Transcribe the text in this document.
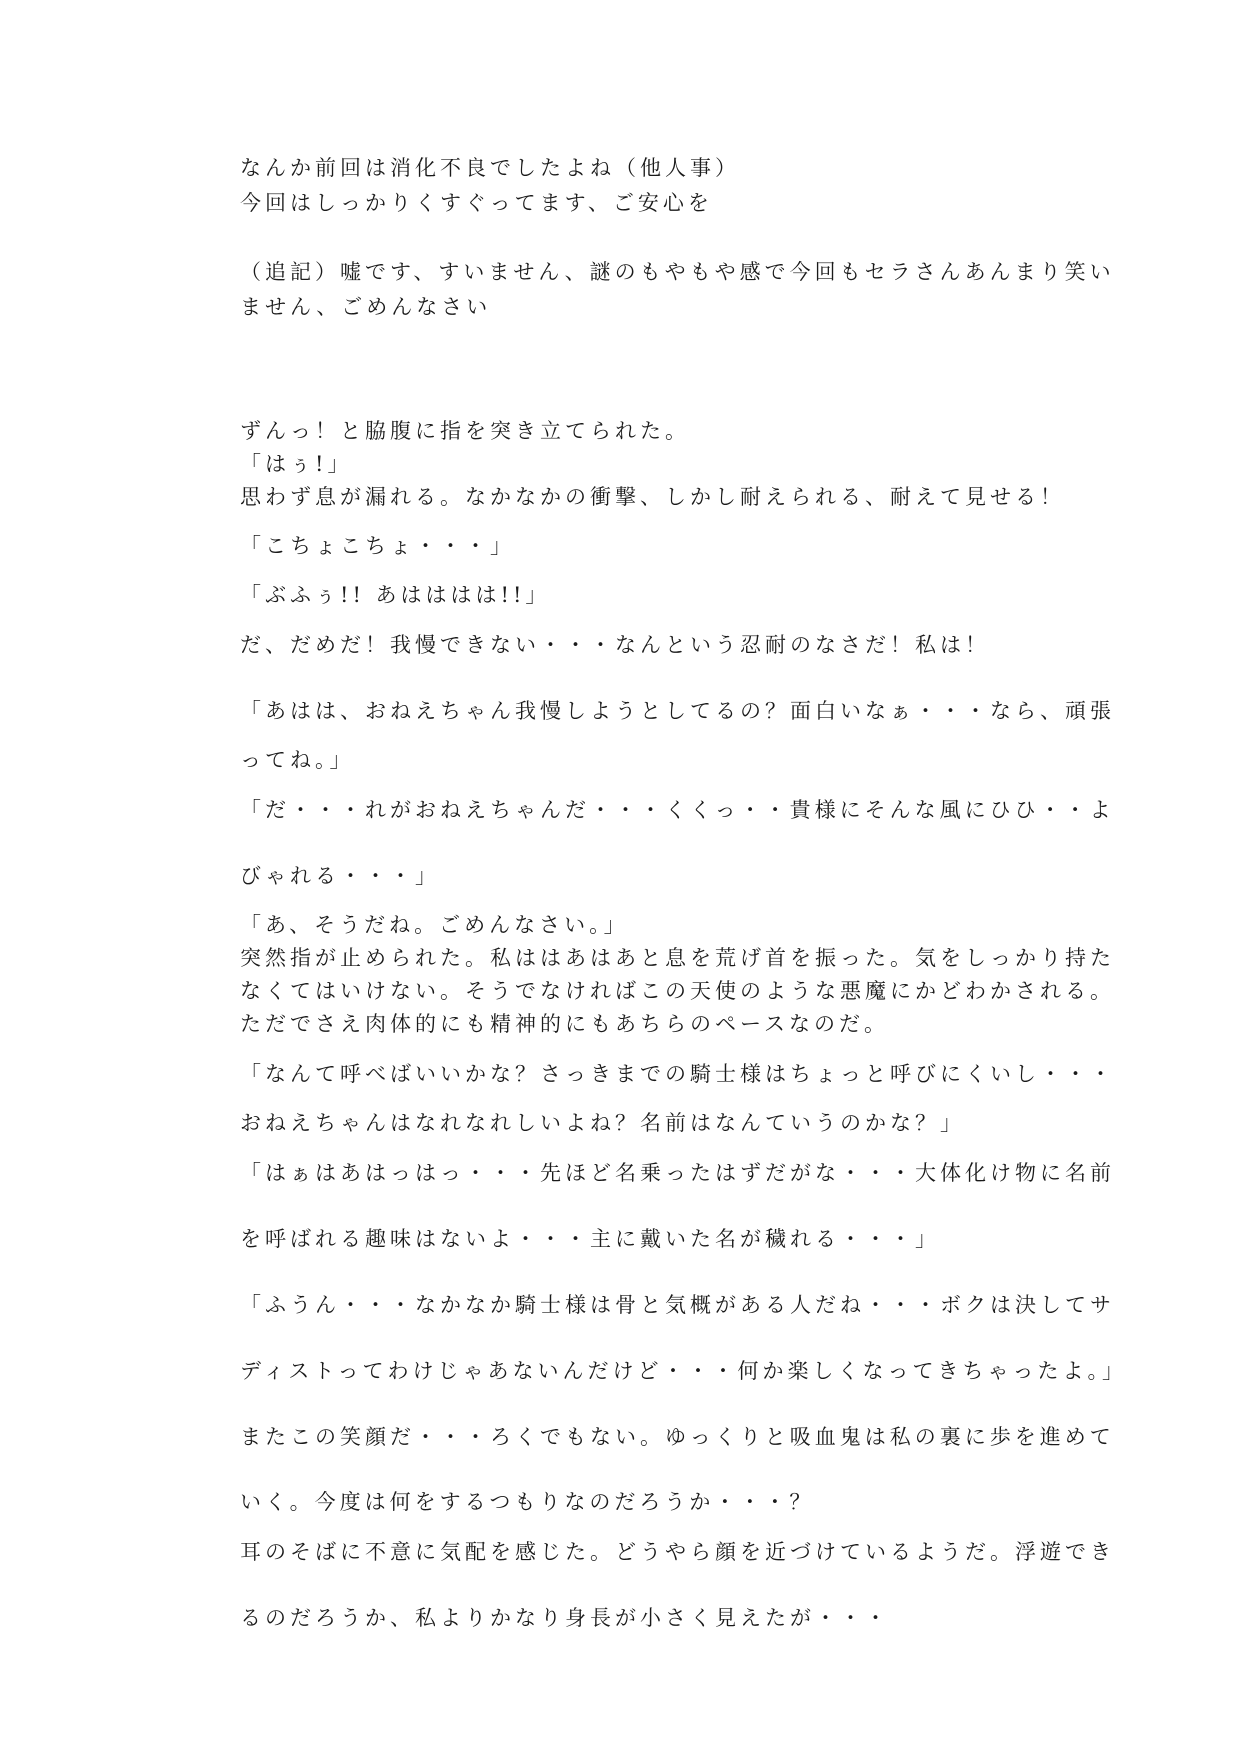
なんか前回は消化不良でしたよね（他人事）
今回はしっかりくすぐってます、ご安心を
（追記）嘘です、すいません、謎のもやもや感で今回もセラさんあんまり笑い
ません、ごめんなさい
ずんっ！と脇腹に指を突き立てられた。
「はぅ!」
思わず息が漏れる。なかなかの衝撃、しかし耐えられる、耐えて見せる！
「こちょこちょ・・・」
「ぶふぅ!! あはははは!!」
だ、だめだ！我慢できない・・・なんという忍耐のなさだ！私は！
「あはは、おねえちゃん我慢しようとしてるの？面白いなぁ・・・なら、頑張
ってね。」
「だ・・・れがおねえちゃんだ・・・くくっ・・貴様にそんな風にひひ・・よ
びゃれる・・・」
「あ、そうだね。ごめんなさい。」
突然指が止められた。私ははあはあと息を荒げ首を振った。気をしっかり持た
なくてはいけない。そうでなければこの天使のような悪魔にかどわかされる。
ただでさえ肉体的にも精神的にもあちらのペースなのだ。
「なんて呼べばいいかな？さっきまでの騎士様はちょっと呼びにくいし・・・
おねえちゃんはなれなれしいよね？名前はなんていうのかな？」
「はぁはあはっはっ・・・先ほど名乗ったはずだがな・・・大体化け物に名前
を呼ばれる趣味はないよ・・・主に戴いた名が穢れる・・・」
「ふうん・・・なかなか騎士様は骨と気概がある人だね・・・ボクは決してサ
ディストってわけじゃあないんだけど・・・何か楽しくなってきちゃったよ。」
またこの笑顔だ・・・ろくでもない。ゆっくりと吸血鬼は私の裏に歩を進めて
いく。今度は何をするつもりなのだろうか・・・？
耳のそばに不意に気配を感じた。どうやら顔を近づけているようだ。浮遊でき
るのだろうか、私よりかなり身長が小さく見えたが・・・
